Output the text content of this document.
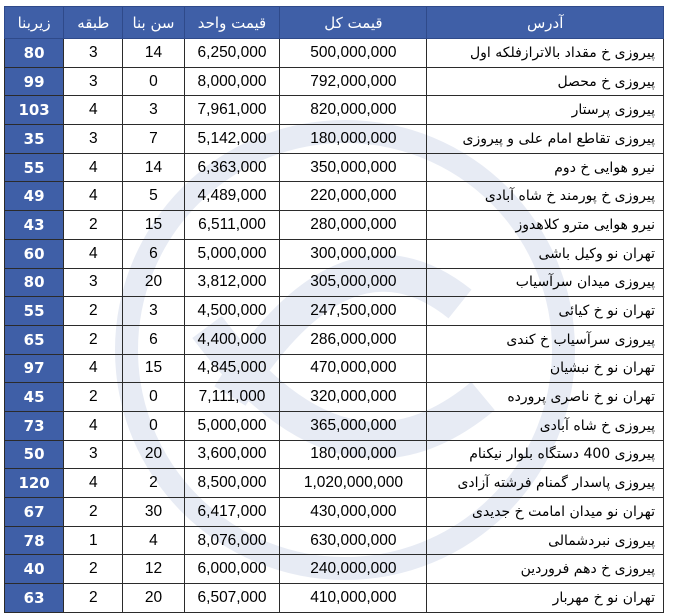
آدرس	قیمت کل	قیمت واحد	سن بنا	طبقه	زیربنا
پیروزی خ مقداد بالاترازفلکه اول	500,000,000	6,250,000	14	3	80
پیروزی خ محصل	792,000,000	8,000,000	0	3	99
پیروزی پرستار	820,000,000	7,961,000	3	4	103
پیروزی تقاطع امام علی و پیروزی	180,000,000	5,142,000	7	3	35
نیرو هوایی خ دوم	350,000,000	6,363,000	14	4	55
پیروزی خ پورمند خ شاه آبادی	220,000,000	4,489,000	5	4	49
نیرو هوایی مترو کلاهدوز	280,000,000	6,511,000	15	2	43
تهران نو وکیل باشی	300,000,000	5,000,000	6	4	60
پیروزی میدان سرآسیاب	305,000,000	3,812,000	20	3	80
تهران نو خ کیائی	247,500,000	4,500,000	3	2	55
پیروزی سرآسیاب خ کندی	286,000,000	4,400,000	6	2	65
تهران نو خ نبشیان	470,000,000	4,845,000	15	4	97
تهران نو خ ناصری پرورده	320,000,000	7,111,000	0	2	45
پیروزی خ شاه آبادی	365,000,000	5,000,000	0	4	73
پیروزی 400 دستگاه بلوار نیکنام	180,000,000	3,600,000	20	3	50
پیروزی پاسدار گمنام فرشته آزادی	1,020,000,000	8,500,000	2	4	120
تهران نو میدان امامت خ جدیدی	430,000,000	6,417,000	30	2	67
پیروزی نبردشمالی	630,000,000	8,076,000	4	1	78
پیروزی خ دهم فروردین	240,000,000	6,000,000	12	2	40
تهران نو خ مهربار	410,000,000	6,507,000	20	2	63
